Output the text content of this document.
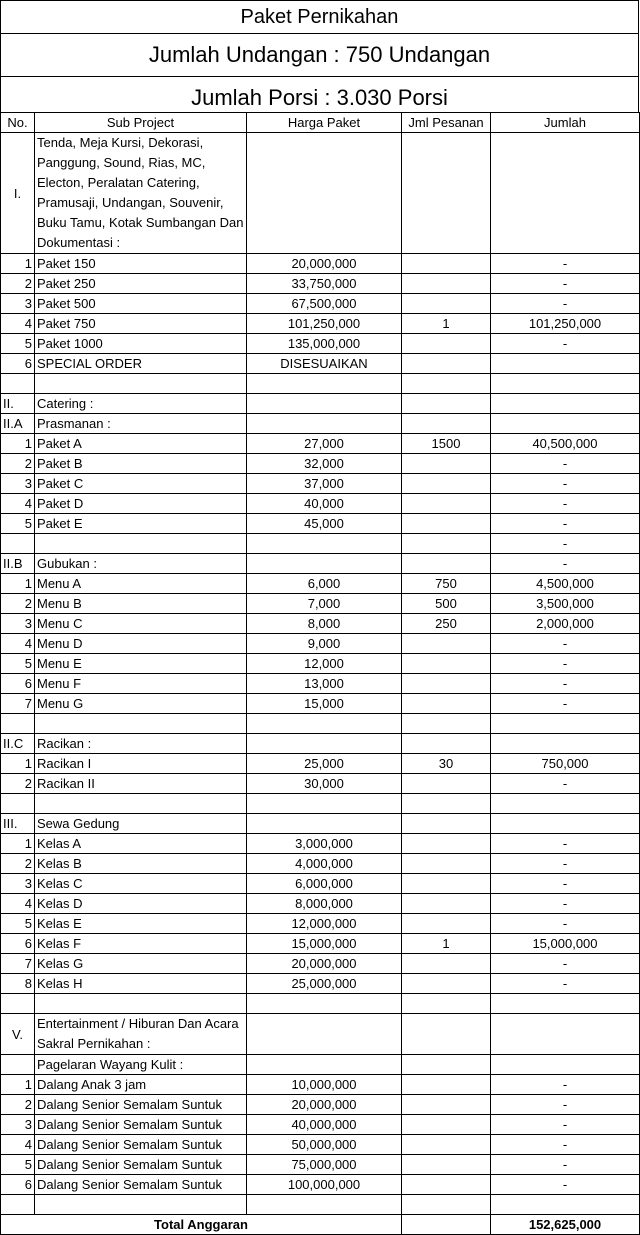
Paket Pernikahan
Jumlah Undangan : 750 Undangan
Jumlah Porsi : 3.030 Porsi
No.	Sub Project	Harga Paket	Jml Pesanan	Jumlah
I.	Tenda, Meja Kursi, Dekorasi, Panggung, Sound, Rias, MC, Electon, Peralatan Catering, Pramusaji, Undangan, Souvenir, Buku Tamu, Kotak Sumbangan Dan Dokumentasi :			
1	Paket 150	20,000,000		-
2	Paket 250	33,750,000		-
3	Paket 500	67,500,000		-
4	Paket 750	101,250,000	1	101,250,000
5	Paket 1000	135,000,000		-
6	SPECIAL ORDER	DISESUAIKAN		

II.	Catering :			
II.A	Prasmanan :			
1	Paket A	27,000	1500	40,500,000
2	Paket B	32,000		-
3	Paket C	37,000		-
4	Paket D	40,000		-
5	Paket E	45,000		-
				-
II.B	Gubukan :			-
1	Menu A	6,000	750	4,500,000
2	Menu B	7,000	500	3,500,000
3	Menu C	8,000	250	2,000,000
4	Menu D	9,000		-
5	Menu E	12,000		-
6	Menu F	13,000		-
7	Menu G	15,000		-

II.C	Racikan :			
1	Racikan I	25,000	30	750,000
2	Racikan II	30,000		-

III.	Sewa Gedung			
1	Kelas A	3,000,000		-
2	Kelas B	4,000,000		-
3	Kelas C	6,000,000		-
4	Kelas D	8,000,000		-
5	Kelas E	12,000,000		-
6	Kelas F	15,000,000	1	15,000,000
7	Kelas G	20,000,000		-
8	Kelas H	25,000,000		-

V.	Entertainment / Hiburan Dan Acara Sakral Pernikahan :			
	Pagelaran Wayang Kulit :			
1	Dalang Anak 3 jam	10,000,000		-
2	Dalang Senior Semalam Suntuk	20,000,000		-
3	Dalang Senior Semalam Suntuk	40,000,000		-
4	Dalang Senior Semalam Suntuk	50,000,000		-
5	Dalang Senior Semalam Suntuk	75,000,000		-
6	Dalang Senior Semalam Suntuk	100,000,000		-

Total Anggaran				152,625,000
